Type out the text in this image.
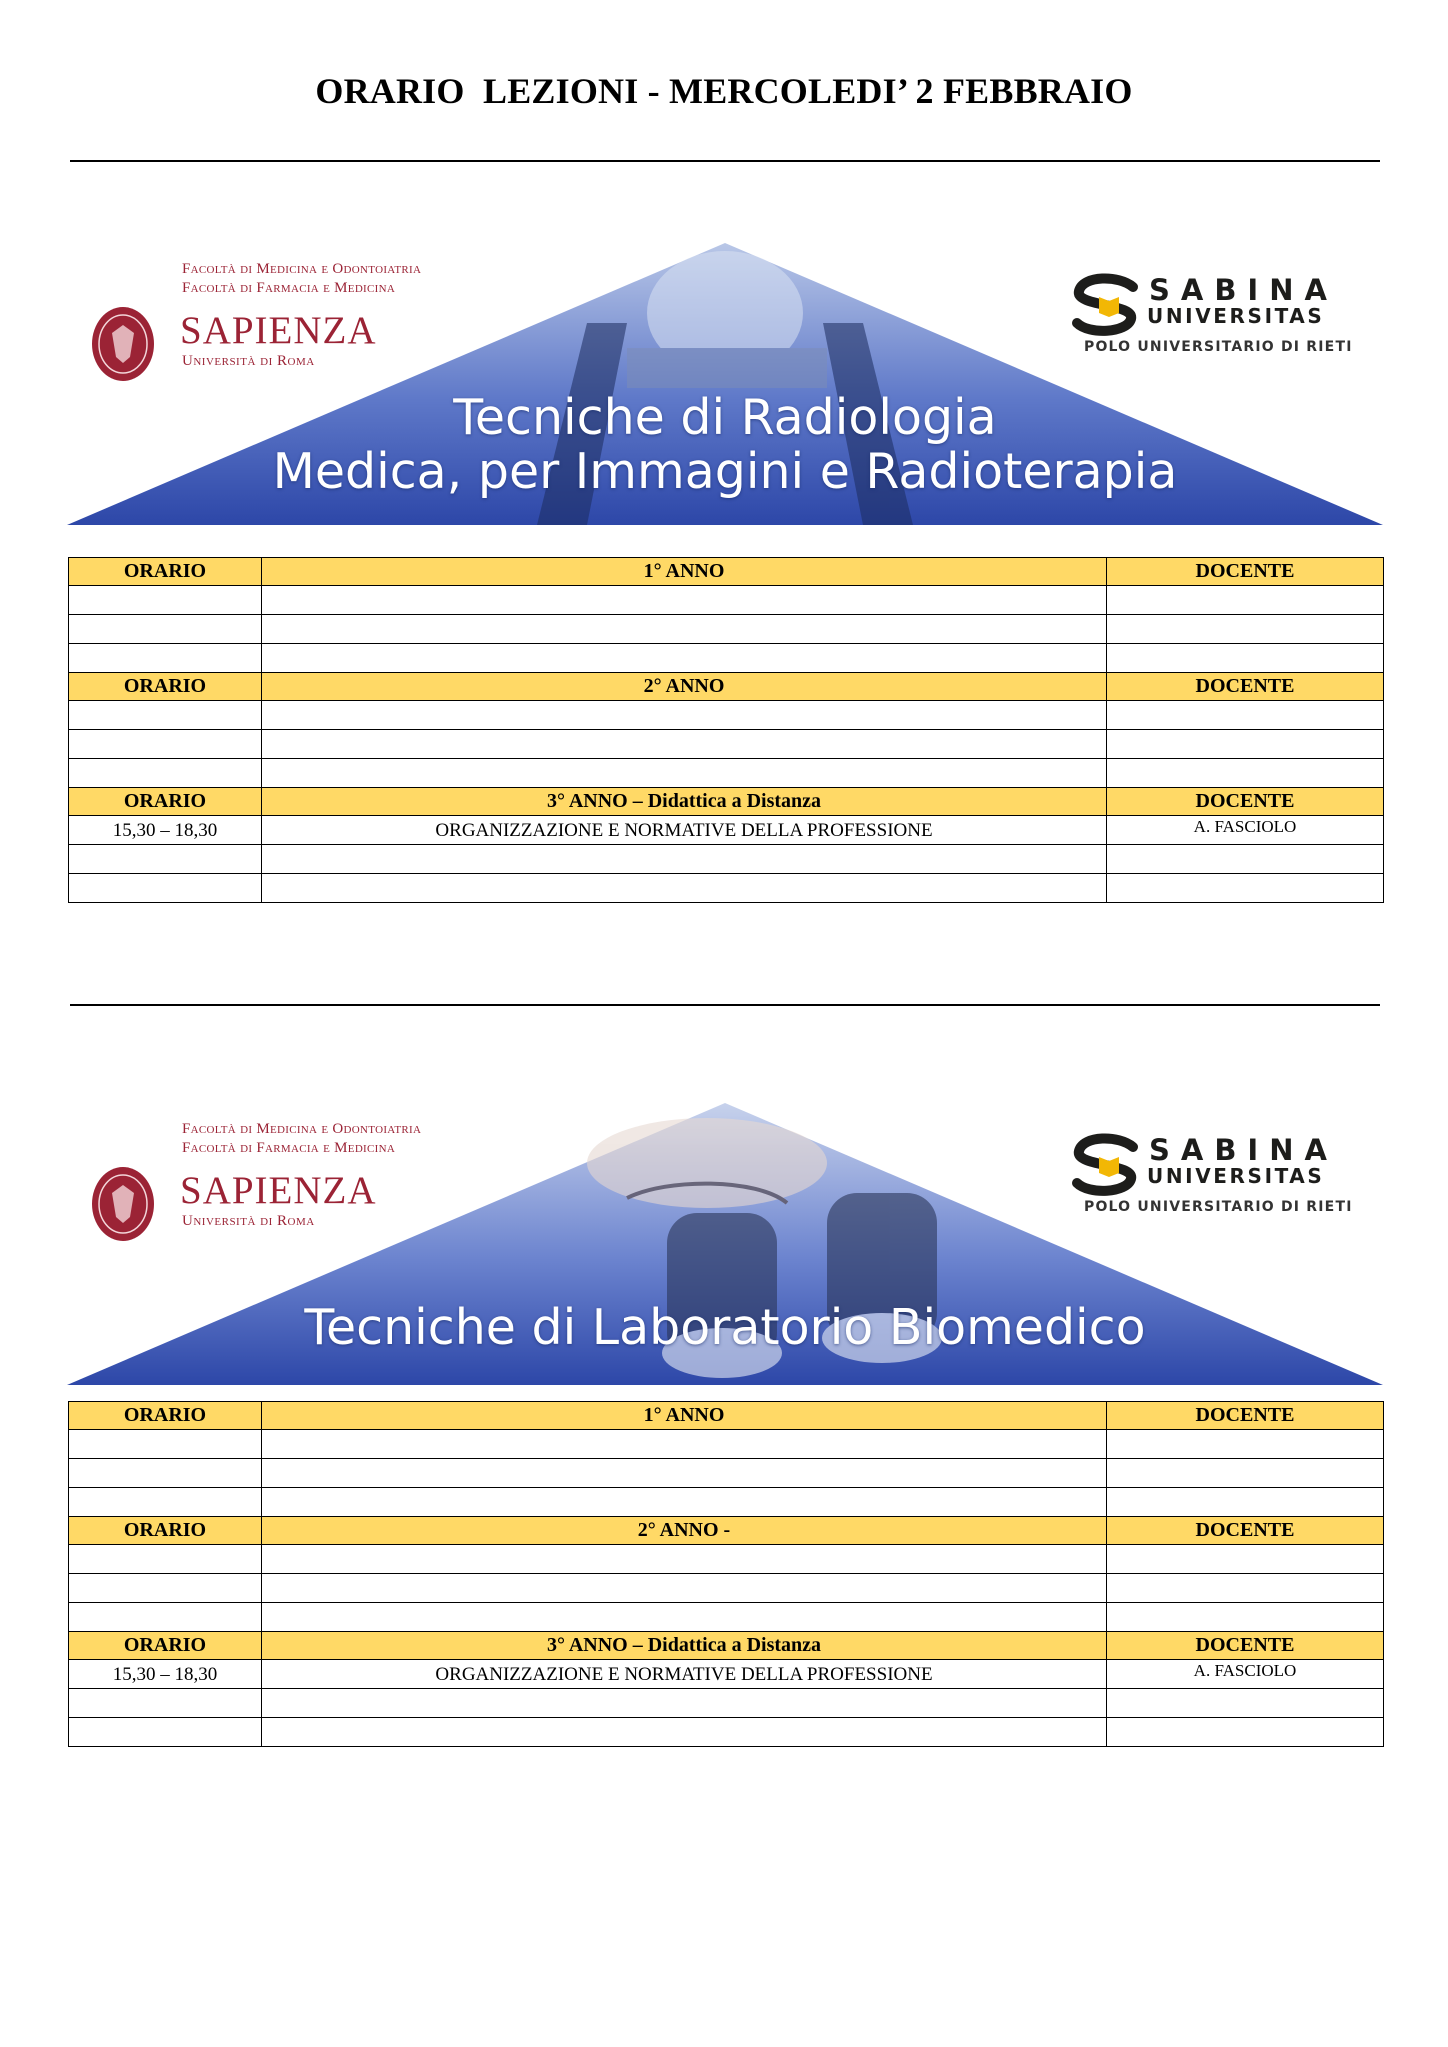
ORARIO  LEZIONI - MERCOLEDI’ 2 FEBBRAIO
Facoltà di Medicina e Odontoiatria
Facoltà di Farmacia e Medicina
SAPIENZA
Università di Roma
SABINA
UNIVERSITAS
POLO UNIVERSITARIO DI RIETI
Tecniche di Radiologia
Medica, per Immagini e Radioterapia
ORARIO	1° ANNO	DOCENTE

ORARIO	2° ANNO	DOCENTE

ORARIO	3° ANNO – Didattica a Distanza	DOCENTE
15,30 – 18,30	ORGANIZZAZIONE E NORMATIVE DELLA PROFESSIONE	A. FASCIOLO

Facoltà di Medicina e Odontoiatria
Facoltà di Farmacia e Medicina
SAPIENZA
Università di Roma
SABINA
UNIVERSITAS
POLO UNIVERSITARIO DI RIETI
Tecniche di Laboratorio Biomedico
ORARIO	1° ANNO	DOCENTE

ORARIO	2° ANNO -	DOCENTE

ORARIO	3° ANNO – Didattica a Distanza	DOCENTE
15,30 – 18,30	ORGANIZZAZIONE E NORMATIVE DELLA PROFESSIONE	A. FASCIOLO
